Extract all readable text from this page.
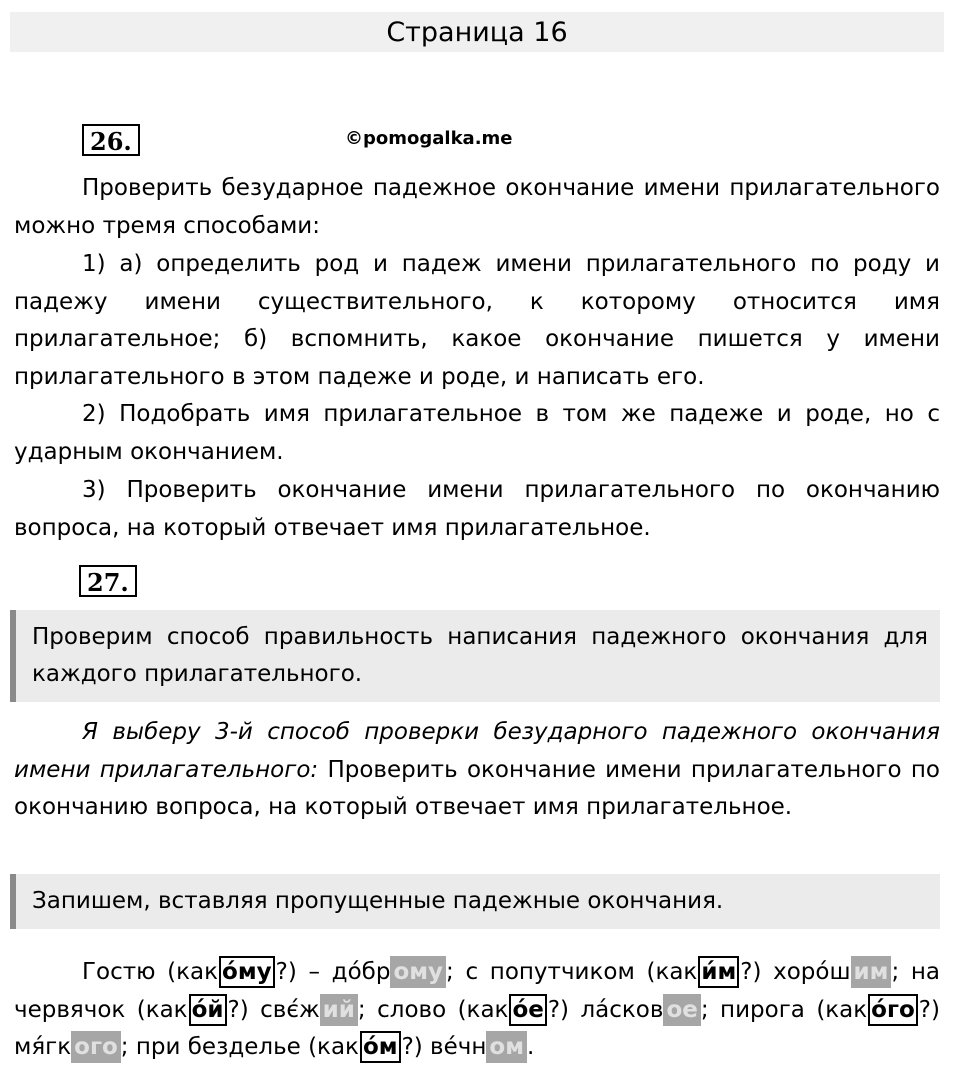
Страница 16
26.	©pomogalka.me
Проверить безударное падежное окончание имени прилагательного можно тремя способами:
1) а) определить род и падеж имени прилагательного по роду и падежу имени существительного, к которому относится имя прилагательное; б) вспомнить, какое окончание пишется у имени прилагательного в этом падеже и роде, и написать его.
2) Подобрать имя прилагательное в том же падеже и роде, но с ударным окончанием.
3) Проверить окончание имени прилагательного по окончанию вопроса, на который отвечает имя прилагательное.
27.
Проверим способ правильность написания падежного окончания для каждого прилагательного.
Я выберу 3-й способ проверки безударного падежного окончания имени прилагательного: Проверить окончание имени прилагательного по окончанию вопроса, на который отвечает имя прилагательное.
Запишем, вставляя пропущенные падежные окончания.
Гостю (как о́му ?) – до́бр ому ; с попутчиком (как и́м ?) хоро́ш им ; на червячок (как о́й ?) свє́ж ий ; слово (как о́е ?) ла́сков ое ; пирога (как о́го ?) мя́гк ого ; при безделье (как о́м ?) ве́чн ом .
